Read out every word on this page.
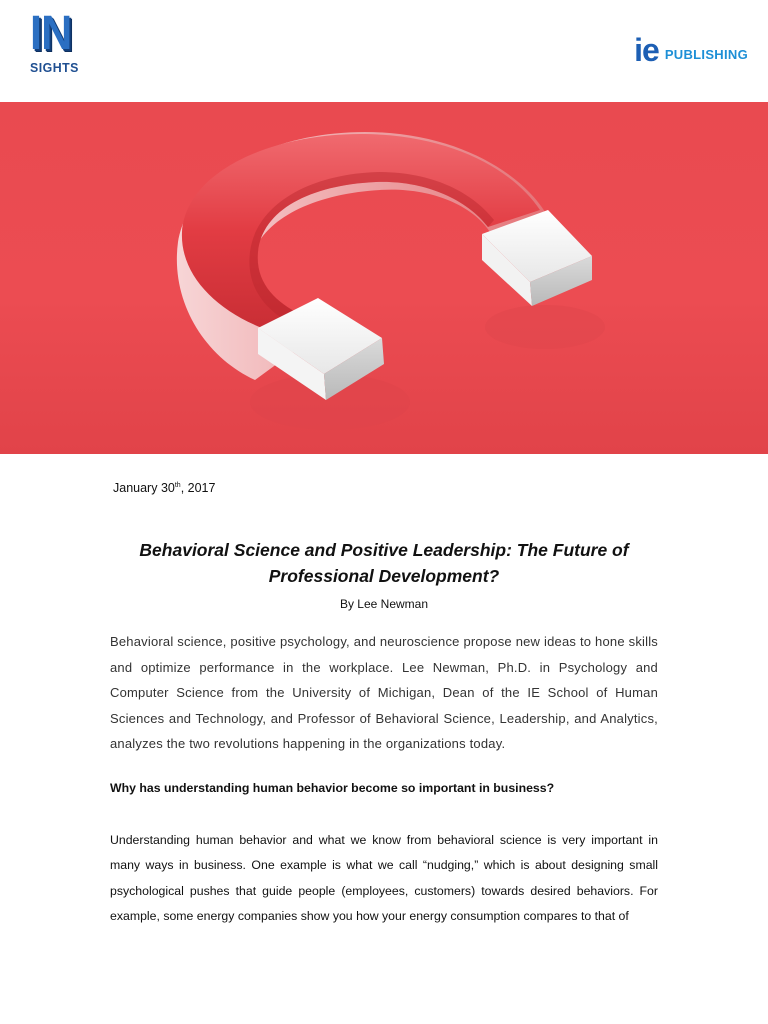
IN
SIGHTS	ie PUBLISHING
January 30th, 2017
Behavioral Science and Positive Leadership: The Future of Professional Development?
By Lee Newman
Behavioral science, positive psychology, and neuroscience propose new ideas to hone skills and optimize performance in the workplace. Lee Newman, Ph.D. in Psychology and Computer Science from the University of Michigan, Dean of the IE School of Human Sciences and Technology, and Professor of Behavioral Science, Leadership, and Analytics, analyzes the two revolutions happening in the organizations today.
Why has understanding human behavior become so important in business?
Understanding human behavior and what we know from behavioral science is very important in many ways in business. One example is what we call “nudging,” which is about designing small psychological pushes that guide people (employees, customers) towards desired behaviors. For example, some energy companies show you how your energy consumption compares to that of
